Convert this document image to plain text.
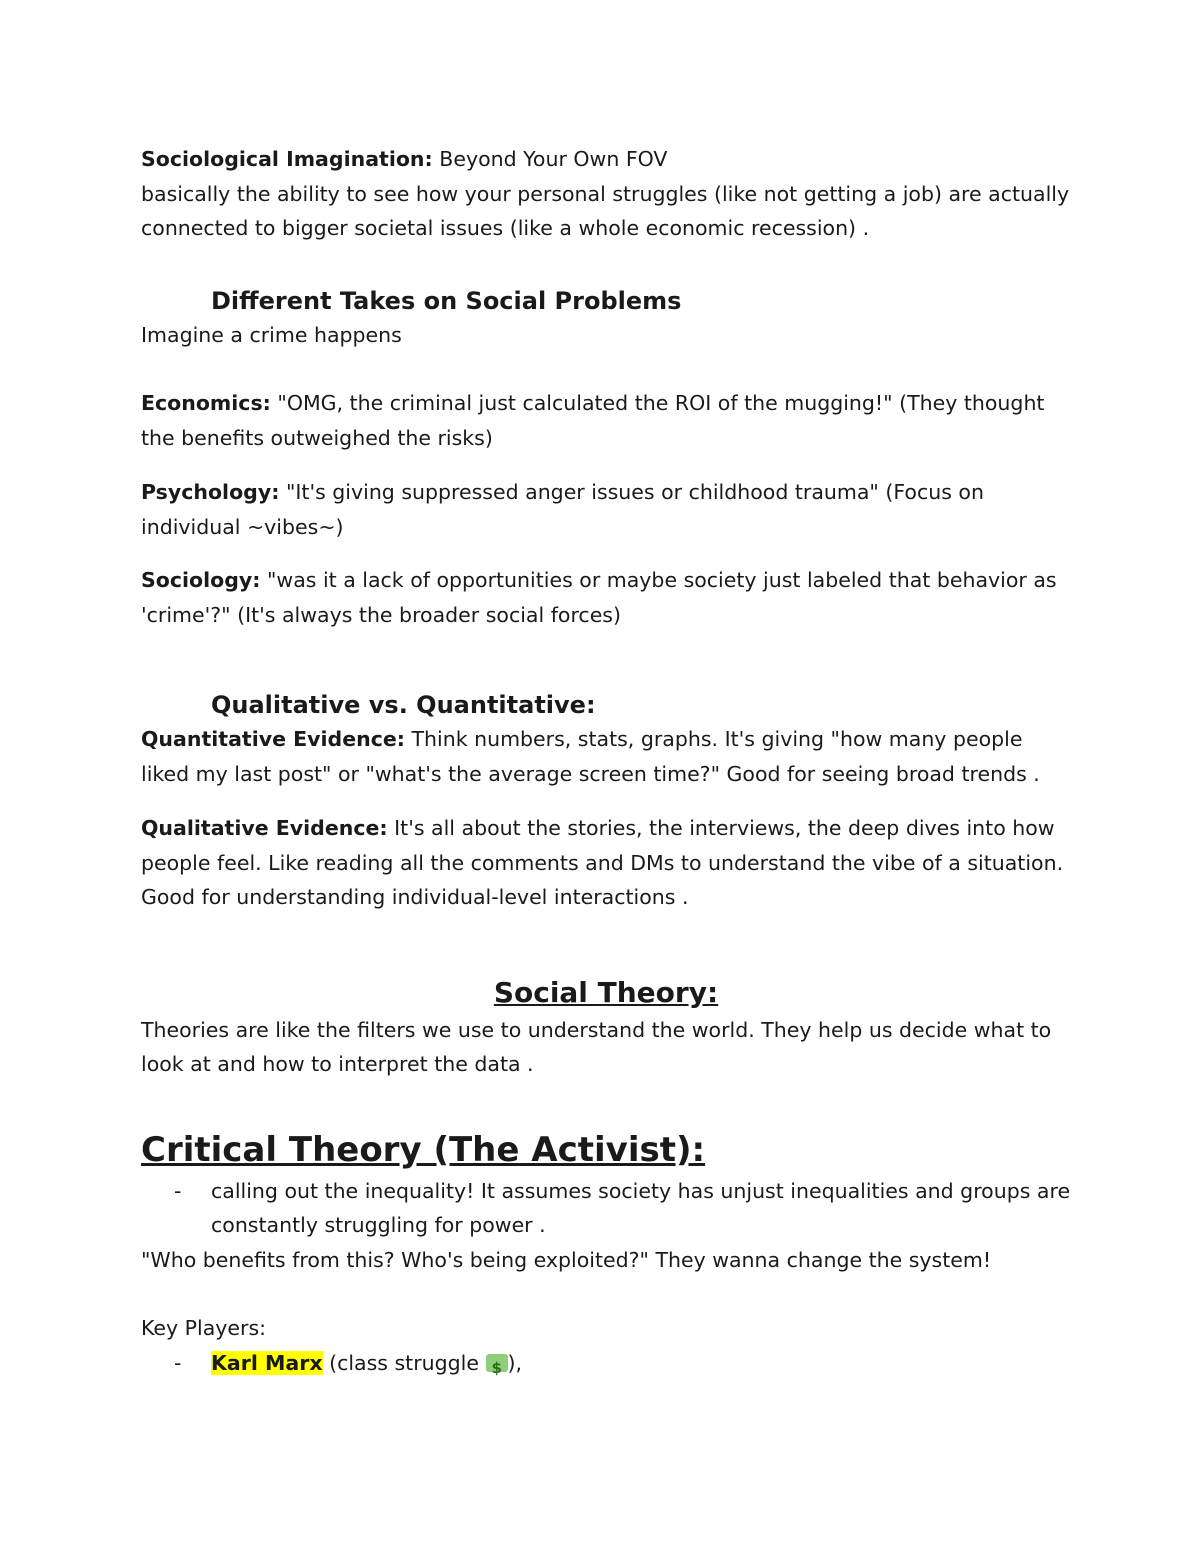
Sociological Imagination: Beyond Your Own FOV

basically the ability to see how your personal struggles (like not getting a job) are actually connected to bigger societal issues (like a whole economic recession) .

Different Takes on Social Problems

Imagine a crime happens

Economics: "OMG, the criminal just calculated the ROI of the mugging!" (They thought the benefits outweighed the risks)

Psychology: "It's giving suppressed anger issues or childhood trauma" (Focus on individual ~vibes~)

Sociology: "was it a lack of opportunities or maybe society just labeled that behavior as 'crime'?" (It's always the broader social forces)

Qualitative vs. Quantitative:

Quantitative Evidence: Think numbers, stats, graphs. It's giving "how many people liked my last post" or "what's the average screen time?" Good for seeing broad trends .

Qualitative Evidence: It's all about the stories, the interviews, the deep dives into how people feel. Like reading all the comments and DMs to understand the vibe of a situation. Good for understanding individual-level interactions .

Social Theory:

Theories are like the filters we use to understand the world. They help us decide what to look at and how to interpret the data .

Critical Theory (The Activist):
-	calling out the inequality! It assumes society has unjust inequalities and groups are constantly struggling for power .

"Who benefits from this? Who's being exploited?" They wanna change the system!

Key Players:

-	Karl Marx (class struggle $ ),
